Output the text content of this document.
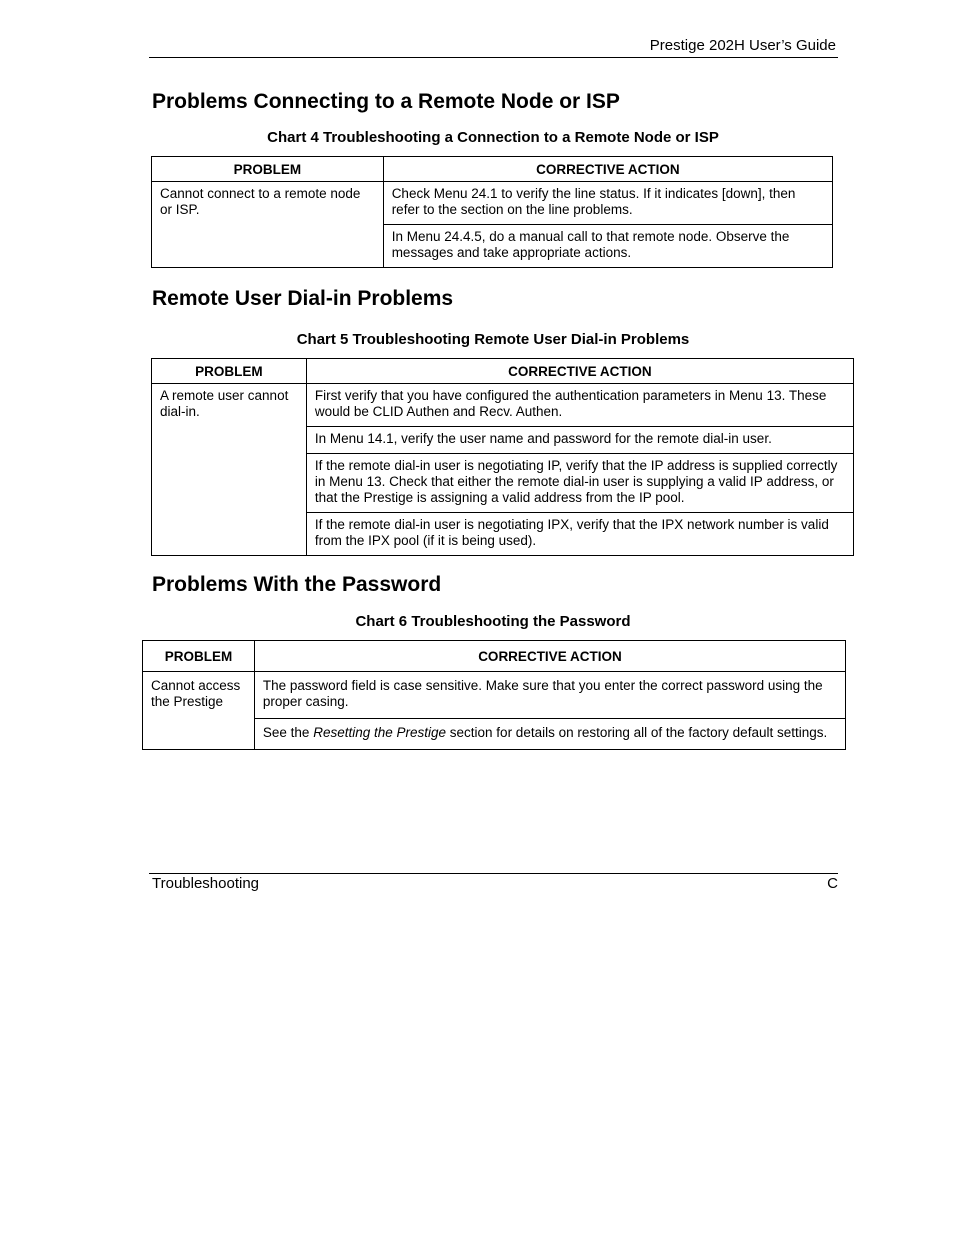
Prestige 202H User’s Guide
Problems Connecting to a Remote Node or ISP
Chart 4 Troubleshooting a Connection to a Remote Node or ISP
PROBLEM	CORRECTIVE ACTION
Cannot connect to a remote node or ISP.	Check Menu 24.1 to verify the line status. If it indicates [down], then refer to the section on the line problems.
	In Menu 24.4.5, do a manual call to that remote node. Observe the messages and take appropriate actions.
Remote User Dial-in Problems
Chart 5 Troubleshooting Remote User Dial-in Problems
PROBLEM	CORRECTIVE ACTION
A remote user cannot dial-in.	First verify that you have configured the authentication parameters in Menu 13. These would be CLID Authen and Recv. Authen.
	In Menu 14.1, verify the user name and password for the remote dial-in user.
	If the remote dial-in user is negotiating IP, verify that the IP address is supplied correctly in Menu 13. Check that either the remote dial-in user is supplying a valid IP address, or that the Prestige is assigning a valid address from the IP pool.
	If the remote dial-in user is negotiating IPX, verify that the IPX network number is valid from the IPX pool (if it is being used).
Problems With the Password
Chart 6 Troubleshooting the Password
PROBLEM	CORRECTIVE ACTION
Cannot access the Prestige	The password field is case sensitive. Make sure that you enter the correct password using the proper casing.
	See the Resetting the Prestige section for details on restoring all of the factory default settings.
Troubleshooting	C
